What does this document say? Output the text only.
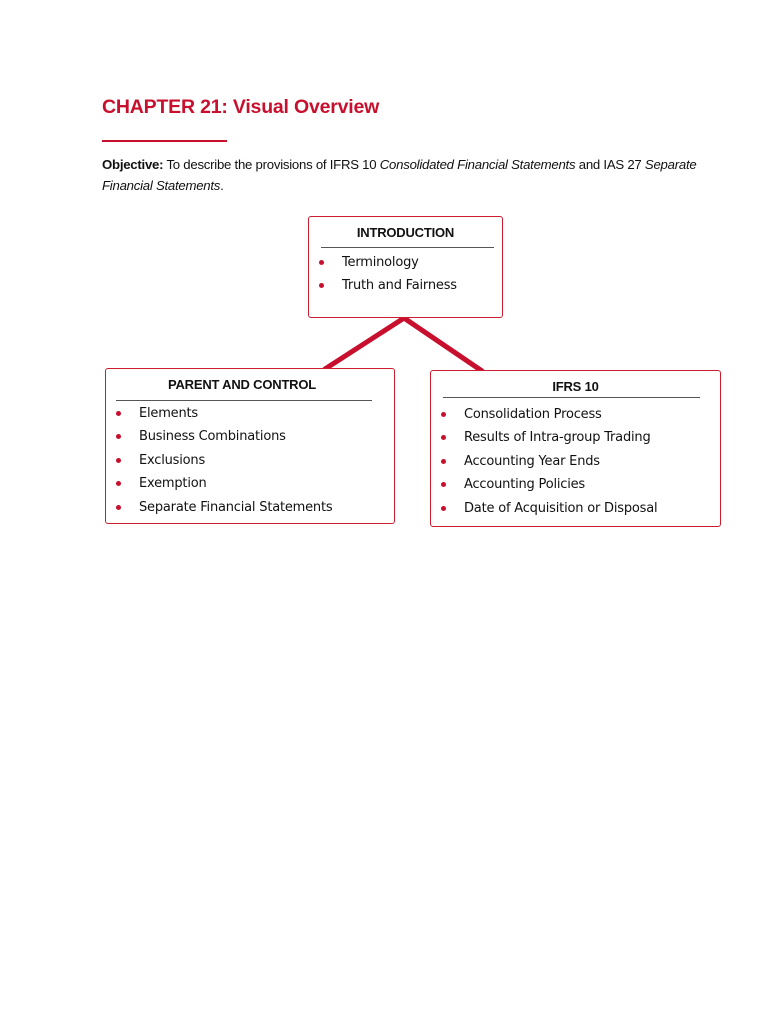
CHAPTER 21: Visual Overview
Objective: To describe the provisions of IFRS 10 Consolidated Financial Statements and IAS 27 Separate Financial Statements.
INTRODUCTION
Terminology
Truth and Fairness
PARENT AND CONTROL
Elements
Business Combinations
Exclusions
Exemption
Separate Financial Statements
IFRS 10
Consolidation Process
Results of Intra-group Trading
Accounting Year Ends
Accounting Policies
Date of Acquisition or Disposal
